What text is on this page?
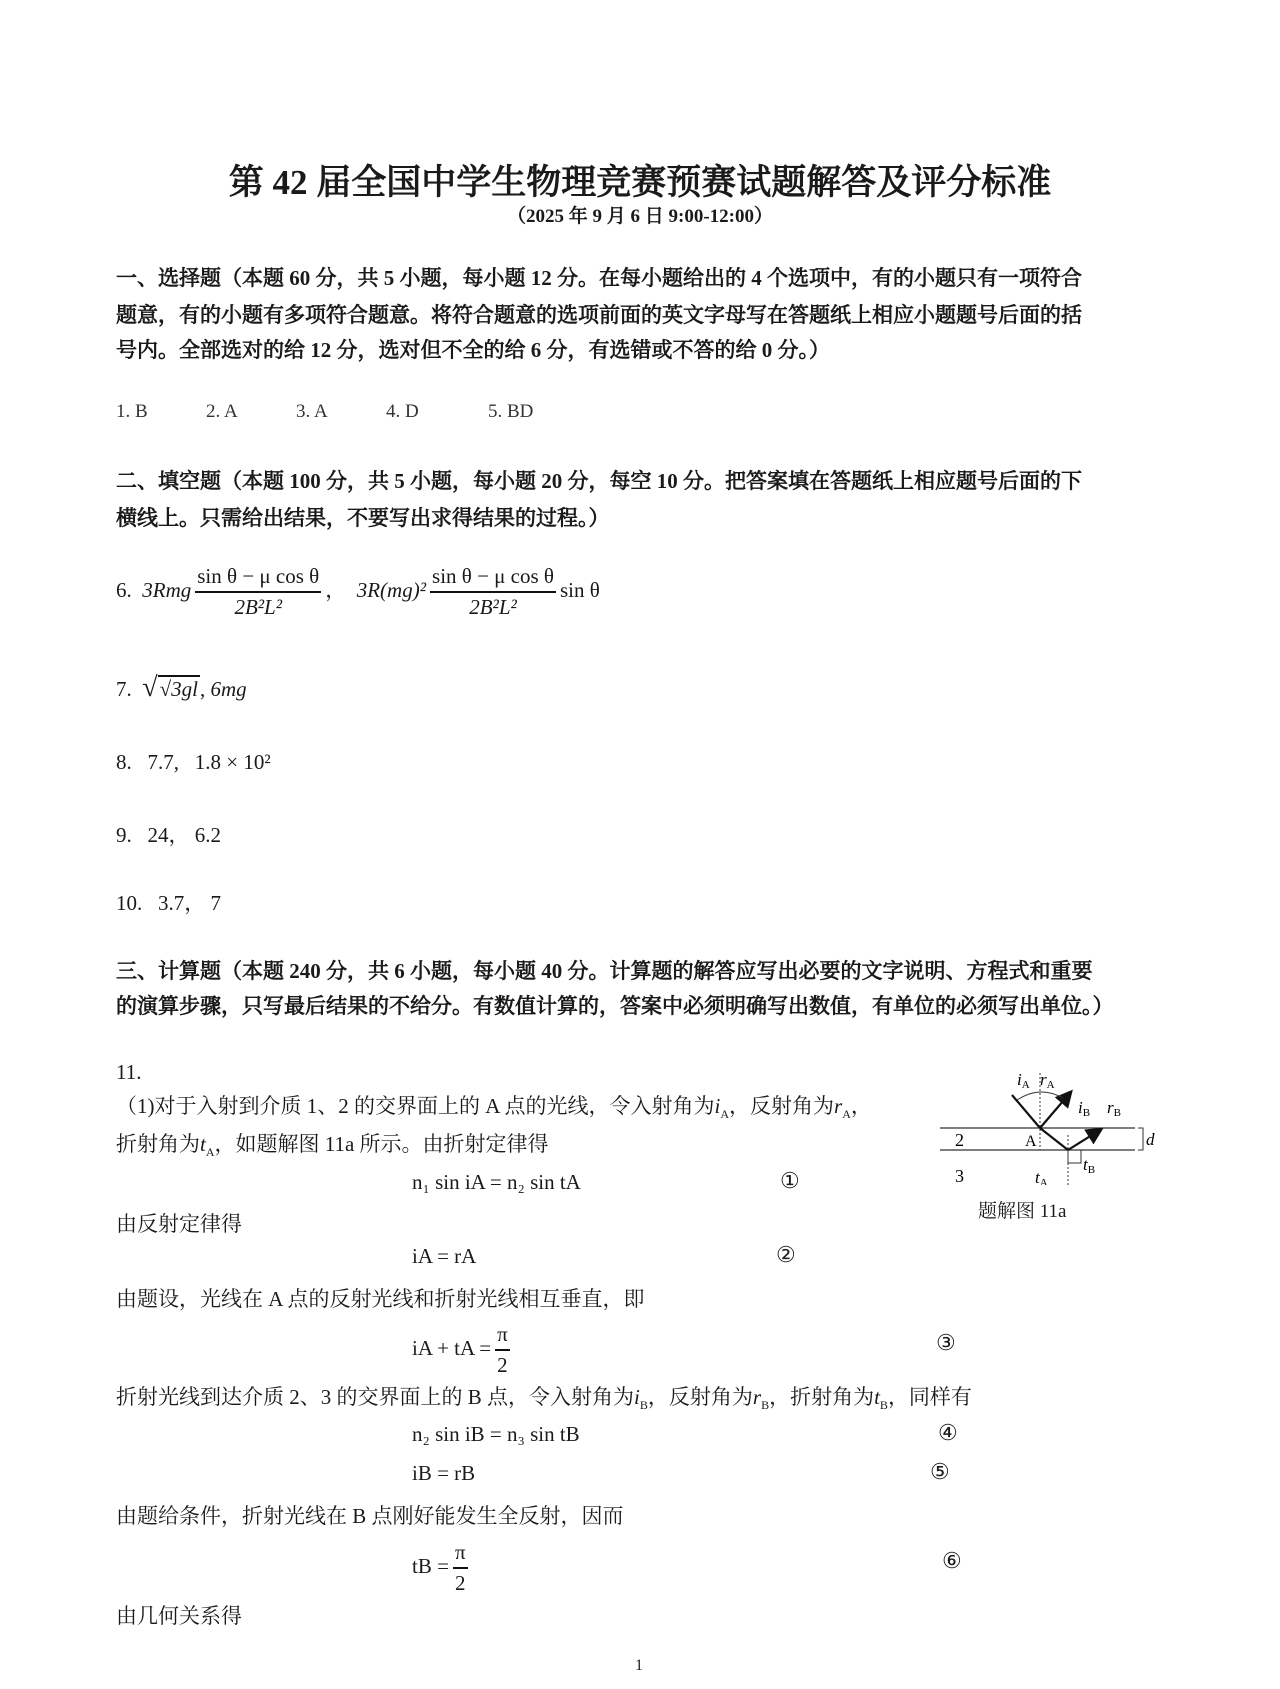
第 42 届全国中学生物理竞赛预赛试题解答及评分标准
（2025 年 9 月 6 日 9:00-12:00）
一、选择题（本题 60 分，共 5 小题，每小题 12 分。在每小题给出的 4 个选项中，有的小题只有一项符合
题意，有的小题有多项符合题意。将符合题意的选项前面的英文字母写在答题纸上相应小题题号后面的括
号内。全部选对的给 12 分，选对但不全的给 6 分，有选错或不答的给 0 分。）
1. B	2. A	3. A	4. D	5. BD
二、填空题（本题 100 分，共 5 小题，每小题 20 分，每空 10 分。把答案填在答题纸上相应题号后面的下
横线上。只需给出结果，不要写出求得结果的过程。）
6. $3Rmg \frac{\text{sin θ − μ cos θ}}{\text{2B²L²}}$ ， $3R(mg)^2 \frac{\text{sin θ − μ cos θ}}{\text{2B²L²}}$ sin θ
7. √√3gl, 6mg
8. 7.7, 1.8 × 10²
9. 24， 6.2
10. 3.7， 7
三、计算题（本题 240 分，共 6 小题，每小题 40 分。计算题的解答应写出必要的文字说明、方程式和重要
的演算步骤，只写最后结果的不给分。有数值计算的，答案中必须明确写出数值，有单位的必须写出单位。）
11.
（1)对于入射到介质 1、2 的交界面上的 A 点的光线，令入射角为$i_A$，反射角为$r_A$，
折射角为$t_A$，如题解图 11a 所示。由折射定律得
n₁ sin iA = n₂ sin tA	①
由反射定律得
iA = rA	②
由题设，光线在 A 点的反射光线和折射光线相互垂直，即
iA + tA = $\frac{\pi}{2}$	③
折射光线到达介质 2、3 的交界面上的 B 点，令入射角为$i_B$，反射角为$r_B$，折射角为$t_B$，同样有
n₂ sin iB = n₃ sin tB	④
iB = rB	⑤
由题给条件，折射光线在 B 点刚好能发生全反射，因而
tB = $\frac{\pi}{2}$	⑥
由几何关系得
iA rA
iB rB
A
2
3
d
tA
tB
题解图 11a
1
